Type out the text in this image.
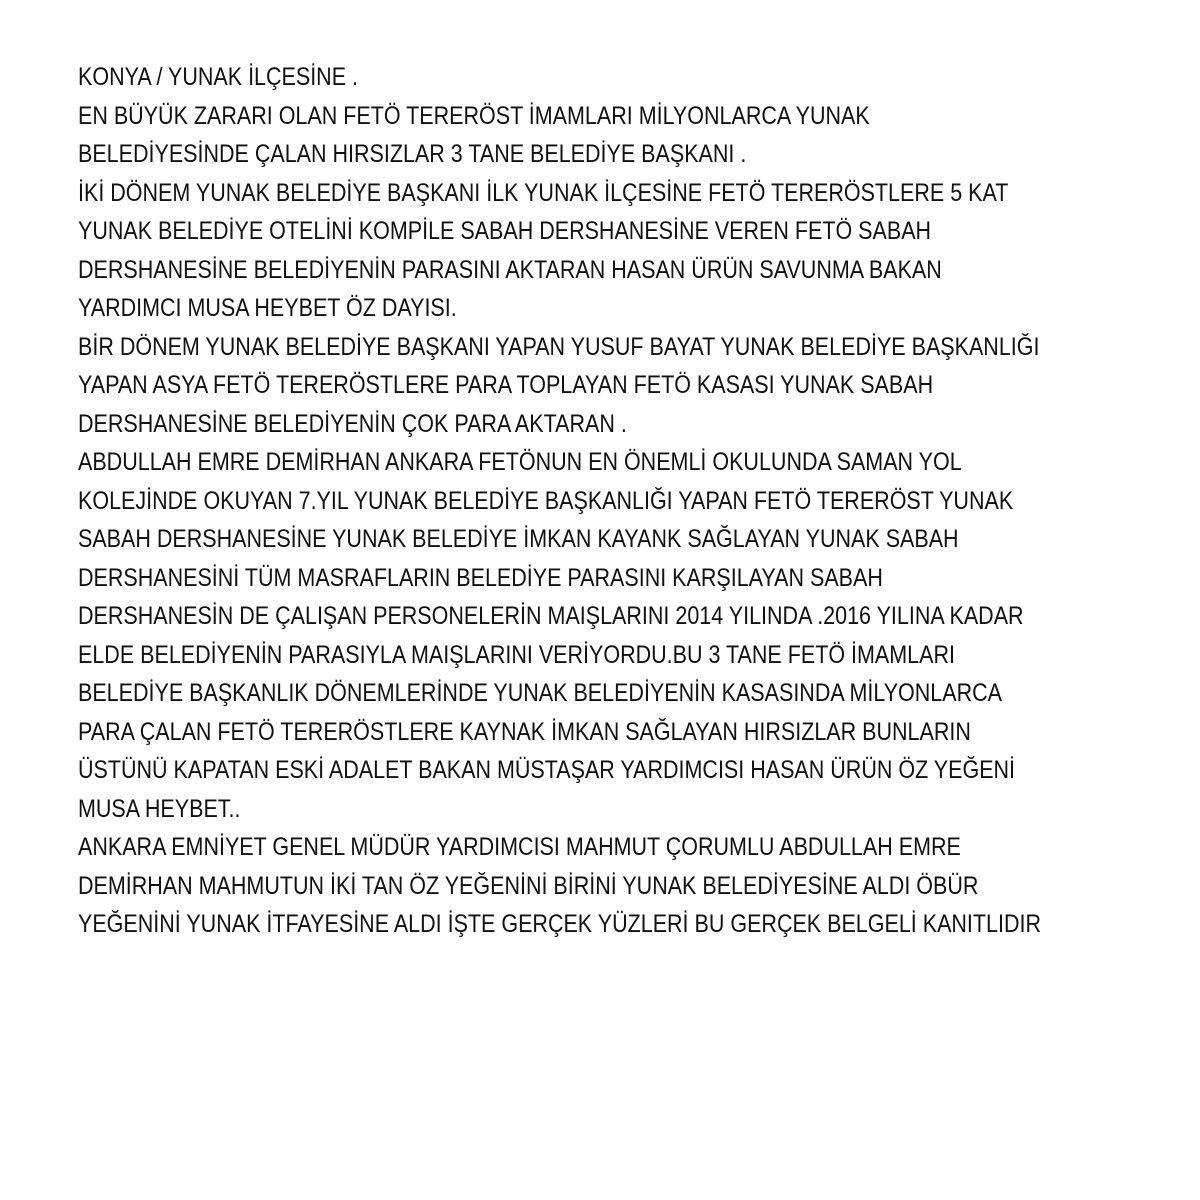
KONYA / YUNAK İLÇESİNE .
EN BÜYÜK ZARARI OLAN FETÖ TERERÖST İMAMLARI MİLYONLARCA YUNAK
BELEDİYESİNDE ÇALAN HIRSIZLAR 3 TANE BELEDİYE BAŞKANI .
İKİ DÖNEM YUNAK BELEDİYE BAŞKANI İLK YUNAK İLÇESİNE FETÖ TERERÖSTLERE 5 KAT
YUNAK BELEDİYE OTELİNİ KOMPİLE SABAH DERSHANESİNE VEREN FETÖ SABAH
DERSHANESİNE BELEDİYENİN PARASINI AKTARAN HASAN ÜRÜN SAVUNMA BAKAN
YARDIMCI MUSA HEYBET ÖZ DAYISI.
BİR DÖNEM YUNAK BELEDİYE BAŞKANI YAPAN YUSUF BAYAT YUNAK BELEDİYE BAŞKANLIĞI
YAPAN ASYA FETÖ TERERÖSTLERE PARA TOPLAYAN FETÖ KASASI YUNAK SABAH
DERSHANESİNE BELEDİYENİN ÇOK PARA AKTARAN .
ABDULLAH EMRE DEMİRHAN ANKARA FETÖNUN EN ÖNEMLİ OKULUNDA SAMAN YOL
KOLEJİNDE OKUYAN 7.YIL YUNAK BELEDİYE BAŞKANLIĞI YAPAN FETÖ TERERÖST YUNAK
SABAH DERSHANESİNE YUNAK BELEDİYE İMKAN KAYANK SAĞLAYAN YUNAK SABAH
DERSHANESİNİ TÜM MASRAFLARIN BELEDİYE PARASINI KARŞILAYAN SABAH
DERSHANESİN DE ÇALIŞAN PERSONELERİN MAIŞLARINI 2014 YILINDA .2016 YILINA KADAR
ELDE BELEDİYENİN PARASIYLA MAIŞLARINI VERİYORDU.BU 3 TANE FETÖ İMAMLARI
BELEDİYE BAŞKANLIK DÖNEMLERİNDE YUNAK BELEDİYENİN KASASINDA MİLYONLARCA
PARA ÇALAN FETÖ TERERÖSTLERE KAYNAK İMKAN SAĞLAYAN HIRSIZLAR BUNLARIN
ÜSTÜNÜ KAPATAN ESKİ ADALET BAKAN MÜSTAŞAR YARDIMCISI HASAN ÜRÜN ÖZ YEĞENİ
MUSA HEYBET..
ANKARA EMNİYET GENEL MÜDÜR YARDIMCISI MAHMUT ÇORUMLU ABDULLAH EMRE
DEMİRHAN MAHMUTUN İKİ TAN ÖZ YEĞENİNİ BİRİNİ YUNAK BELEDİYESİNE ALDI ÖBÜR
YEĞENİNİ YUNAK İTFAYESİNE ALDI İŞTE GERÇEK YÜZLERİ BU GERÇEK BELGELİ KANITLIDIR
